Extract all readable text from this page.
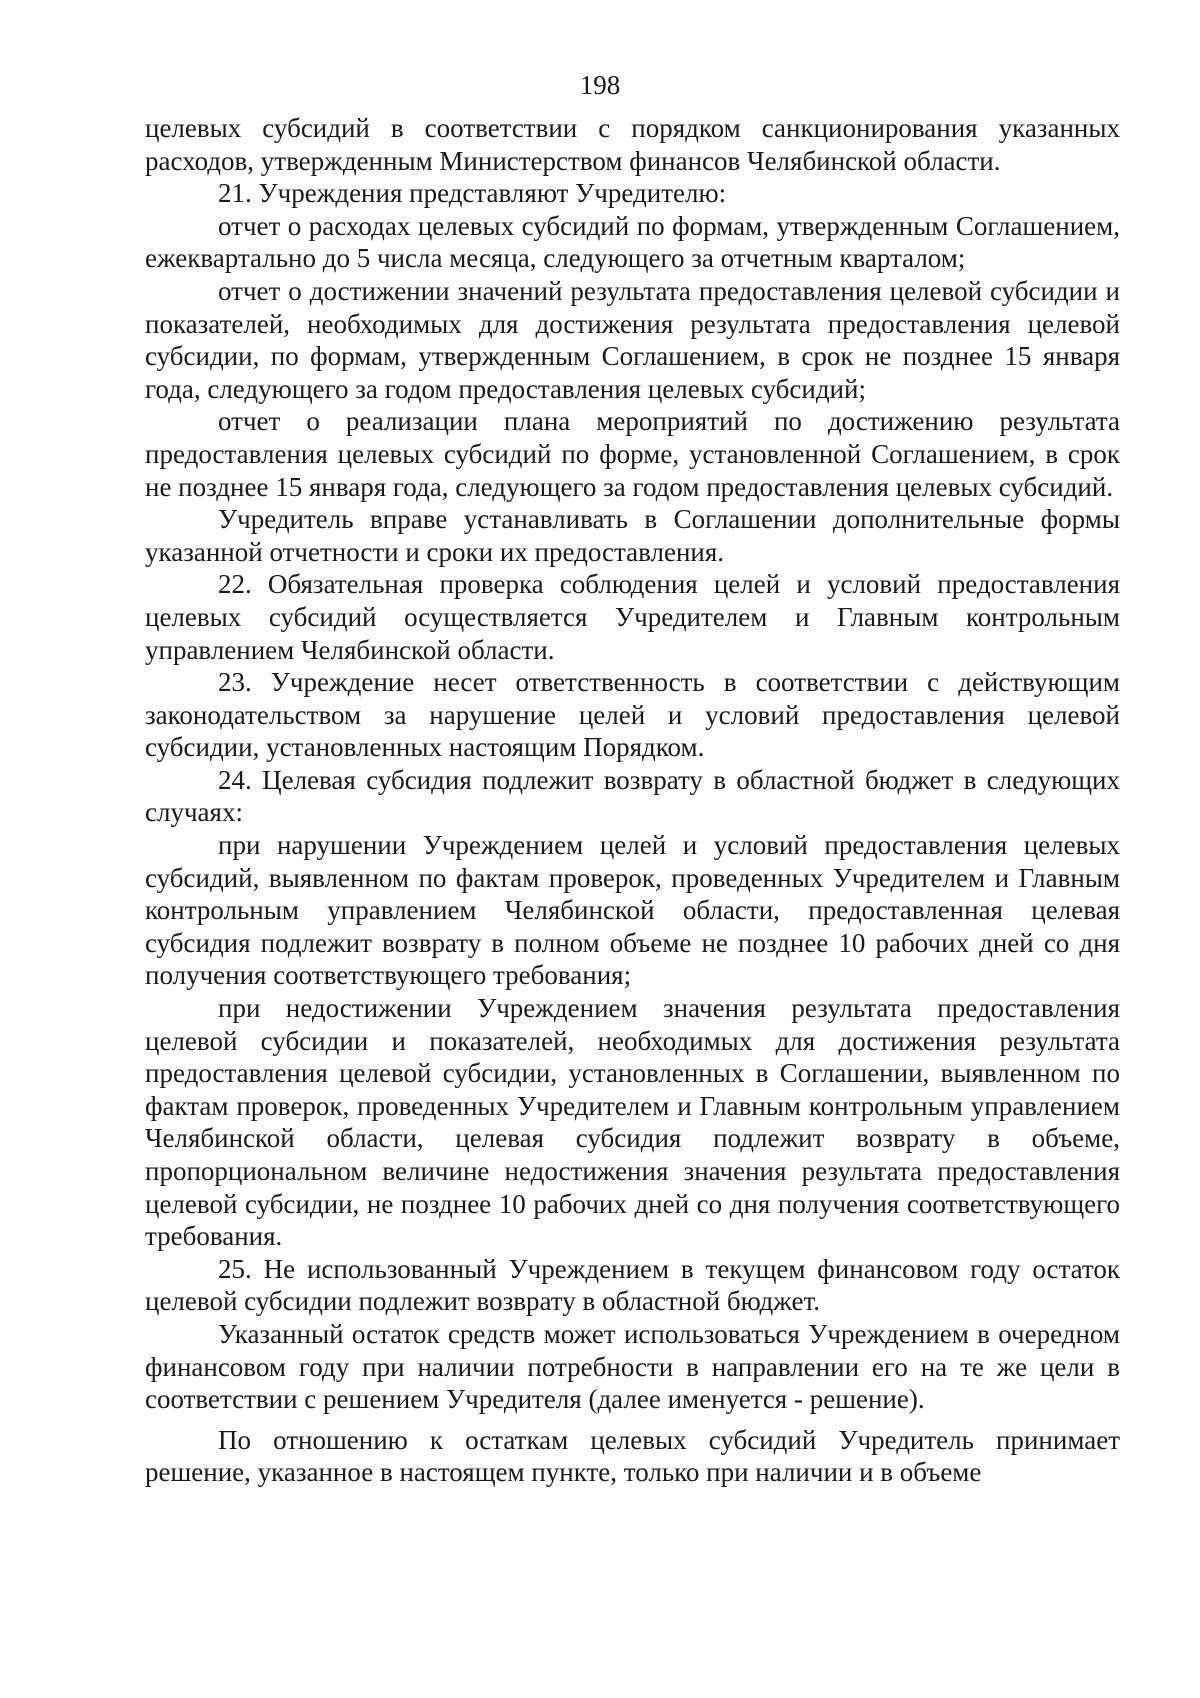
198

целевых субсидий в соответствии с порядком санкционирования указанных расходов, утвержденным Министерством финансов Челябинской области.

21. Учреждения представляют Учредителю:

отчет о расходах целевых субсидий по формам, утвержденным Соглашением, ежеквартально до 5 числа месяца, следующего за отчетным кварталом;

отчет о достижении значений результата предоставления целевой субсидии и показателей, необходимых для достижения результата предоставления целевой субсидии, по формам, утвержденным Соглашением, в срок не позднее 15 января года, следующего за годом предоставления целевых субсидий;

отчет о реализации плана мероприятий по достижению результата предоставления целевых субсидий по форме, установленной Соглашением, в срок не позднее 15 января года, следующего за годом предоставления целевых субсидий.

Учредитель вправе устанавливать в Соглашении дополнительные формы указанной отчетности и сроки их предоставления.

22. Обязательная проверка соблюдения целей и условий предоставления целевых субсидий осуществляется Учредителем и Главным контрольным управлением Челябинской области.

23. Учреждение несет ответственность в соответствии с действующим законодательством за нарушение целей и условий предоставления целевой субсидии, установленных настоящим Порядком.

24. Целевая субсидия подлежит возврату в областной бюджет в следующих случаях:

при нарушении Учреждением целей и условий предоставления целевых субсидий, выявленном по фактам проверок, проведенных Учредителем и Главным контрольным управлением Челябинской области, предоставленная целевая субсидия подлежит возврату в полном объеме не позднее 10 рабочих дней со дня получения соответствующего требования;

при недостижении Учреждением значения результата предоставления целевой субсидии и показателей, необходимых для достижения результата предоставления целевой субсидии, установленных в Соглашении, выявленном по фактам проверок, проведенных Учредителем и Главным контрольным управлением Челябинской области, целевая субсидия подлежит возврату в объеме, пропорциональном величине недостижения значения результата предоставления целевой субсидии, не позднее 10 рабочих дней со дня получения соответствующего требования.

25. Не использованный Учреждением в текущем финансовом году остаток целевой субсидии подлежит возврату в областной бюджет.

Указанный остаток средств может использоваться Учреждением в очередном финансовом году при наличии потребности в направлении его на те же цели в соответствии с решением Учредителя (далее именуется - решение).

По отношению к остаткам целевых субсидий Учредитель принимает решение, указанное в настоящем пункте, только при наличии и в объеме
